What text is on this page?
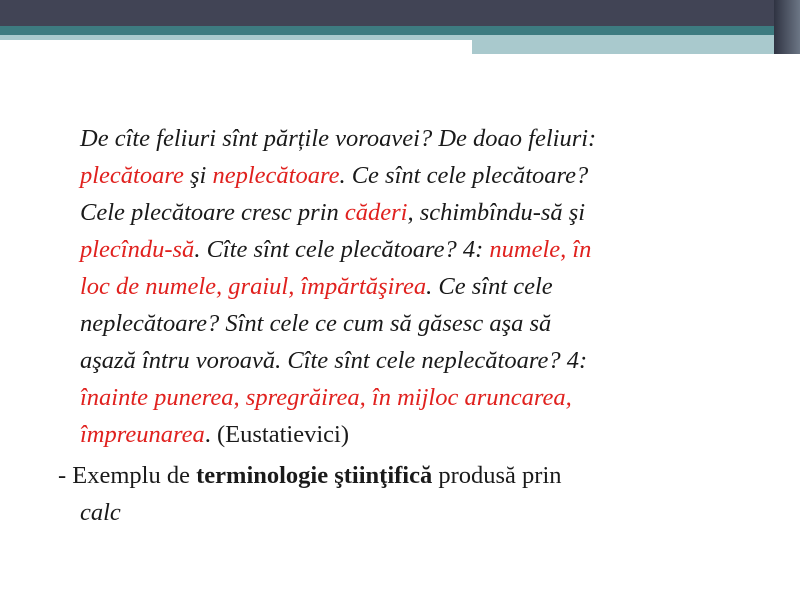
De cîte feliuri sînt părțile voroavei? De doao feliuri:
plecătoare şi neplecătoare. Ce sînt cele plecătoare?
Cele plecătoare cresc prin căderi, schimbîndu-să şi
plecîndu-să. Cîte sînt cele plecătoare? 4: numele, în
loc de numele, graiul, împărtăşirea. Ce sînt cele
neplecătoare? Sînt cele ce cum să găsesc aşa să
aşază întru voroavă. Cîte sînt cele neplecătoare? 4:
înainte punerea, spregrăirea, în mijloc aruncarea,
împreunarea. (Eustatievici)
- Exemplu de terminologie ştiinţifică produsă prin
calc
